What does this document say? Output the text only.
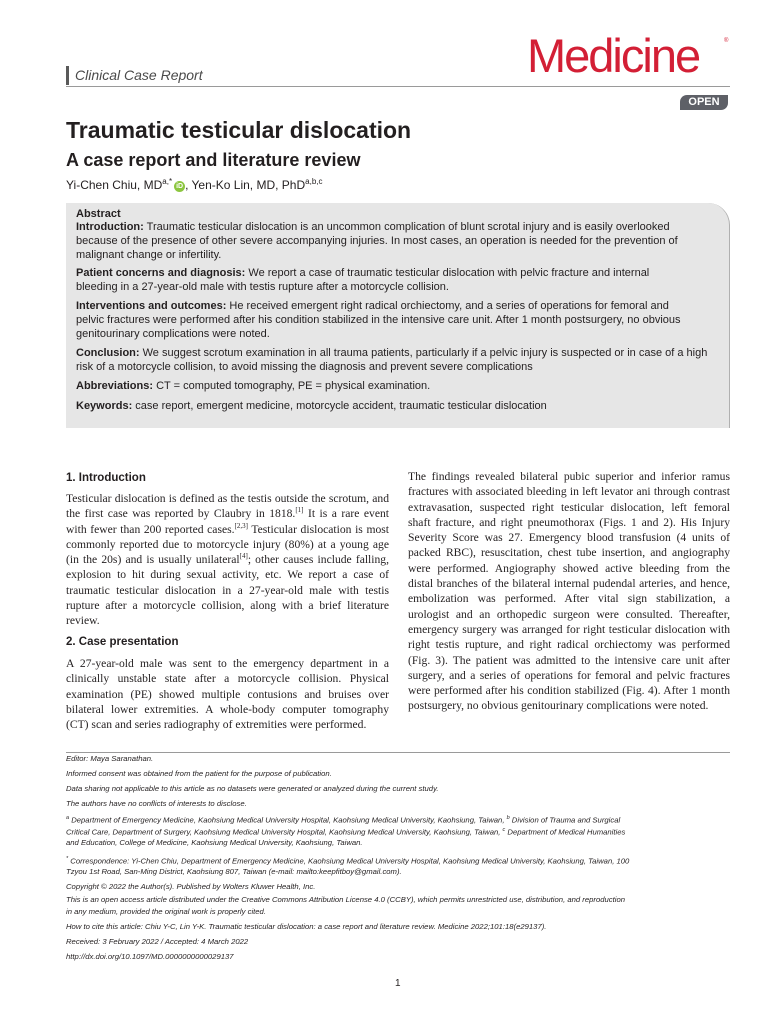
Clinical Case Report	Medicine	®
OPEN
Traumatic testicular dislocation
A case report and literature review
Yi-Chen Chiu, $MD^{a,*}iD$ , Yen-Ko Lin, MD, PhD$^{a,b,c}$
Abstract
Introduction: Traumatic testicular dislocation is an uncommon complication of blunt scrotal injury and is easily overlooked
because of the presence of other severe accompanying injuries. In most cases, an operation is needed for the prevention of
malignant change or infertility.
Patient concerns and diagnosis: We report a case of traumatic testicular dislocation with pelvic fracture and internal
bleeding in a 27-year-old male with testis rupture after a motorcycle collision.
Interventions and outcomes: He received emergent right radical orchiectomy, and a series of operations for femoral and
pelvic fractures were performed after his condition stabilized in the intensive care unit. After 1 month postsurgery, no obvious
genitourinary complications were noted.
Conclusion: We suggest scrotum examination in all trauma patients, particularly if a pelvic injury is suspected or in case of a high
risk of a motorcycle collision, to avoid missing the diagnosis and prevent severe complications
Abbreviations: CT = computed tomography, PE = physical examination.
Keywords: case report, emergent medicine, motorcycle accident, traumatic testicular dislocation
1. Introduction
Testicular dislocation is defined as the testis outside the scrotum, and the first case was reported by Claubry in 1818.[1] It is a rare event with fewer than 200 reported cases.[2,3] Testicular dislocation is most commonly reported due to motorcycle injury (80%) at a young age (in the 20s) and is usually unilateral[4]; other causes include falling, explosion to hit during sexual activity, etc. We report a case of traumatic testicular dislocation in a 27-year-old male with testis rupture after a motorcycle collision, along with a brief literature review.
2. Case presentation
A 27-year-old male was sent to the emergency department in a clinically unstable state after a motorcycle collision. Physical examination (PE) showed multiple contusions and bruises over bilateral lower extremities. A whole-body computer tomography (CT) scan and series radiography of extremities were performed.
The findings revealed bilateral pubic superior and inferior ramus fractures with associated bleeding in left levator ani through contrast extravasation, suspected right testicular dislocation, left femoral shaft fracture, and right pneumothorax (Figs. 1 and 2). His Injury Severity Score was 27. Emergency blood transfusion (4 units of packed RBC), resuscitation, chest tube insertion, and angiography were performed. Angiography showed active bleeding from the distal branches of the bilateral internal pudendal arteries, and hence, embolization was performed. After vital sign stabilization, a urologist and an orthopedic surgeon were consulted. Thereafter, emergency surgery was arranged for right testicular dislocation with right testis rupture, and right radical orchiectomy was performed (Fig. 3). The patient was admitted to the intensive care unit after surgery, and a series of operations for femoral and pelvic fractures were performed after his condition stabilized (Fig. 4). After 1 month postsurgery, no obvious genitourinary complications were noted.
Editor: Maya Saranathan.
Informed consent was obtained from the patient for the purpose of publication.
Data sharing not applicable to this article as no datasets were generated or analyzed during the current study.
The authors have no conflicts of interests to disclose.
$^a$ Department of Emergency Medicine, Kaohsiung Medical University Hospital, Kaohsiung Medical University, Kaohsiung, Taiwan, $^b$ Division of Trauma and Surgical
Critical Care, Department of Surgery, Kaohsiung Medical University Hospital, Kaohsiung Medical University, Kaohsiung, Taiwan, $^c$ Department of Medical Humanities
and Education, College of Medicine, Kaohsiung Medical University, Kaohsiung, Taiwan.
* Correspondence: Yi-Chen Chiu, Department of Emergency Medicine, Kaohsiung Medical University Hospital, Kaohsiung Medical University, Kaohsiung, Taiwan, 100
Tzyou 1st Road, San-Ming District, Kaohsiung 807, Taiwan (e-mail: mailto:keepfitboy@gmail.com).
Copyright © 2022 the Author(s). Published by Wolters Kluwer Health, Inc.
This is an open access article distributed under the Creative Commons Attribution License 4.0 (CCBY), which permits unrestricted use, distribution, and reproduction
in any medium, provided the original work is properly cited.
How to cite this article: Chiu Y-C, Lin Y-K. Traumatic testicular dislocation: a case report and literature review. Medicine 2022;101:18(e29137).
Received: 3 February 2022 / Accepted: 4 March 2022
http://dx.doi.org/10.1097/MD.0000000000029137
1
